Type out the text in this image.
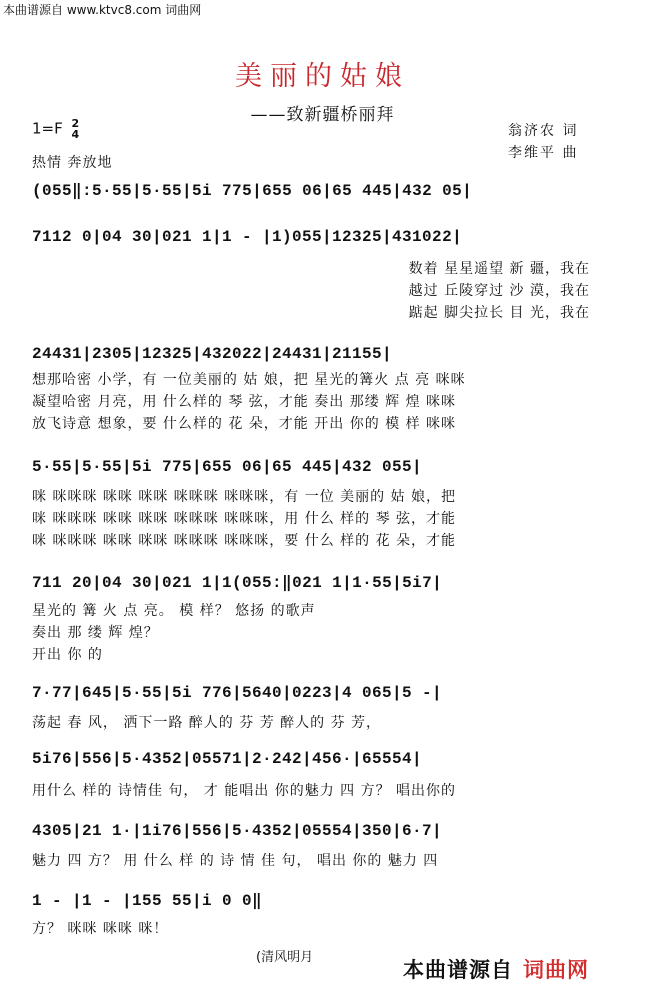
本曲谱源自 www.ktvc8.com 词曲网
美丽的姑娘
——致新疆桥丽拜
1=F 2
4	翁济农 词
李维平 曲
热情 奔放地
(055‖:5·55|5·55|5i 775|655 06|65 445|432 05|
7112 0|04 30|021 1|1 - |1)055|12325|431022|
数着 星星遥望 新 疆，我在
越过 丘陵穿过 沙 漠，我在
踮起 脚尖拉长 目 光，我在
24431|2305|12325|432022|24431|21155|
想那哈密 小学，有 一位美丽的 姑 娘，把 星光的篝火 点 亮 咪咪
凝望哈密 月亮，用 什么样的 琴 弦，才能 奏出 那缕 辉 煌 咪咪
放飞诗意 想象，要 什么样的 花 朵，才能 开出 你的 模 样 咪咪
5·55|5·55|5i 775|655 06|65 445|432 055|
咪 咪咪咪 咪咪 咪咪 咪咪咪 咪咪咪，有 一位 美丽的 姑 娘，把
咪 咪咪咪 咪咪 咪咪 咪咪咪 咪咪咪，用 什么 样的 琴 弦，才能
咪 咪咪咪 咪咪 咪咪 咪咪咪 咪咪咪，要 什么 样的 花 朵，才能
711 20|04 30|021 1|1(055:‖021 1|1·55|5i7|
星光的 篝 火 点 亮。 模 样？ 悠扬 的歌声
奏出 那 缕 辉 煌？
开出 你 的
7·77|645|5·55|5i 776|5640|0223|4 065|5 -|
荡起 春 风， 洒下一路 醉人的 芬 芳 醉人的 芬 芳，
5i76|556|5·4352|05571|2·242|456·|65554|
用什么 样的 诗情佳 句， 才 能唱出 你的魅力 四 方？ 唱出你的
4305|21 1·|1i76|556|5·4352|05554|350|6·7|
魅力 四 方？ 用 什么 样 的 诗 情 佳 句， 唱出 你的 魅力 四
1 - |1 - |155 55|i 0 0‖
方？ 咪咪 咪咪 咪！
(清风明月
本曲谱源自 词曲网
